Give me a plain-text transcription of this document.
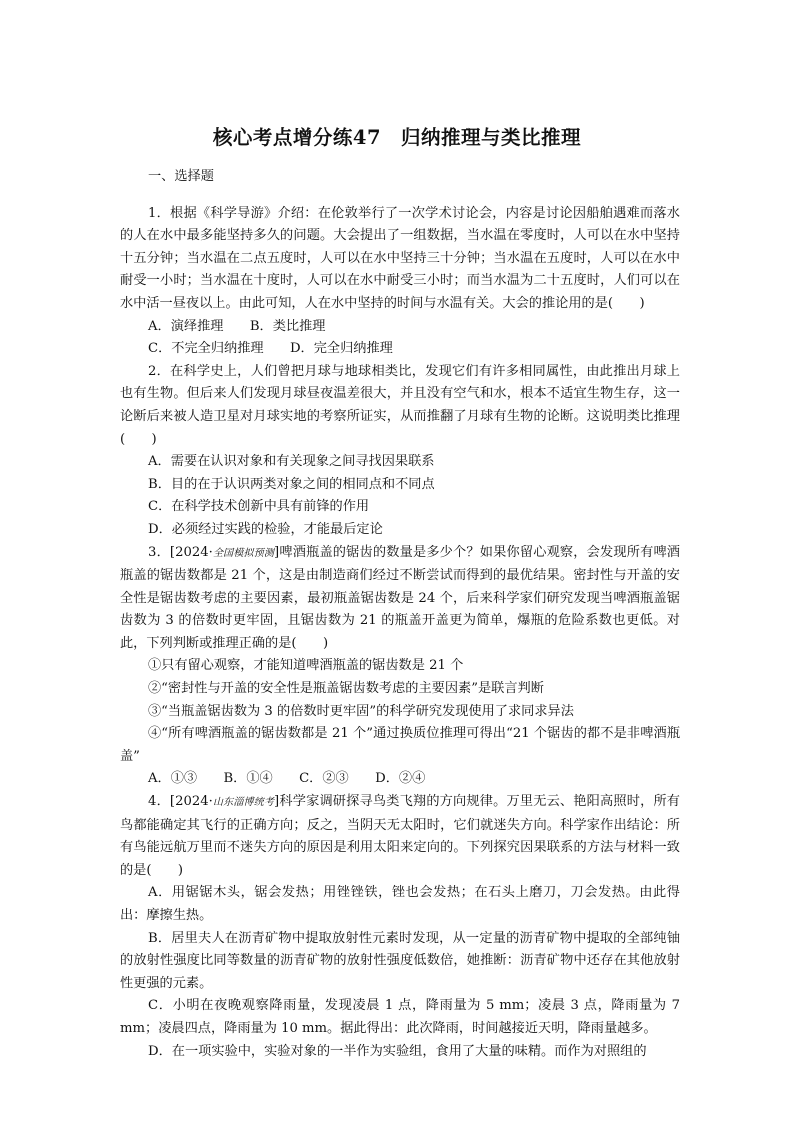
核心考点增分练47　归纳推理与类比推理

一、选择题

1．根据《科学导游》介绍：在伦敦举行了一次学术讨论会，内容是讨论因船舶遇难而落水的人在水中最多能坚持多久的问题。大会提出了一组数据，当水温在零度时，人可以在水中坚持十五分钟；当水温在二点五度时，人可以在水中坚持三十分钟；当水温在五度时，人可以在水中耐受一小时；当水温在十度时，人可以在水中耐受三小时；而当水温为二十五度时，人们可以在水中活一昼夜以上。由此可知，人在水中坚持的时间与水温有关。大会的推论用的是(　　)

A．演绎推理　　B．类比推理

C．不完全归纳推理　　D．完全归纳推理

2．在科学史上，人们曾把月球与地球相类比，发现它们有许多相同属性，由此推出月球上也有生物。但后来人们发现月球昼夜温差很大，并且没有空气和水，根本不适宜生物生存，这一论断后来被人造卫星对月球实地的考察所证实，从而推翻了月球有生物的论断。这说明类比推理(　　)

A．需要在认识对象和有关现象之间寻找因果联系

B．目的在于认识两类对象之间的相同点和不同点

C．在科学技术创新中具有前锋的作用

D．必须经过实践的检验，才能最后定论

3．[2024·全国模拟预测]啤酒瓶盖的锯齿的数量是多少个？如果你留心观察，会发现所有啤酒瓶盖的锯齿数都是 21 个，这是由制造商们经过不断尝试而得到的最优结果。密封性与开盖的安全性是锯齿数考虑的主要因素，最初瓶盖锯齿数是 24 个，后来科学家们研究发现当啤酒瓶盖锯齿数为 3 的倍数时更牢固，且锯齿数为 21 的瓶盖开盖更为简单，爆瓶的危险系数也更低。对此，下列判断或推理正确的是(　　)

①只有留心观察，才能知道啤酒瓶盖的锯齿数是 21 个

②“密封性与开盖的安全性是瓶盖锯齿数考虑的主要因素”是联言判断

③“当瓶盖锯齿数为 3 的倍数时更牢固”的科学研究发现使用了求同求异法

④“所有啤酒瓶盖的锯齿数都是 21 个”通过换质位推理可得出“21 个锯齿的都不是非啤酒瓶盖”

A．①③　　B．①④　　C．②③　　D．②④

4．[2024·山东淄博统考]科学家调研探寻鸟类飞翔的方向规律。万里无云、艳阳高照时，所有鸟都能确定其飞行的正确方向；反之，当阴天无太阳时，它们就迷失方向。科学家作出结论：所有鸟能远航万里而不迷失方向的原因是利用太阳来定向的。下列探究因果联系的方法与材料一致的是(　　)

A．用锯锯木头，锯会发热；用锉锉铁，锉也会发热；在石头上磨刀，刀会发热。由此得出：摩擦生热。

B．居里夫人在沥青矿物中提取放射性元素时发现，从一定量的沥青矿物中提取的全部纯铀的放射性强度比同等数量的沥青矿物的放射性强度低数倍，她推断：沥青矿物中还存在其他放射性更强的元素。

C．小明在夜晚观察降雨量，发现凌晨 1 点，降雨量为 5 mm；凌晨 3 点，降雨量为 7 mm；凌晨四点，降雨量为 10 mm。据此得出：此次降雨，时间越接近天明，降雨量越多。

D．在一项实验中，实验对象的一半作为实验组，食用了大量的味精。而作为对照组的
